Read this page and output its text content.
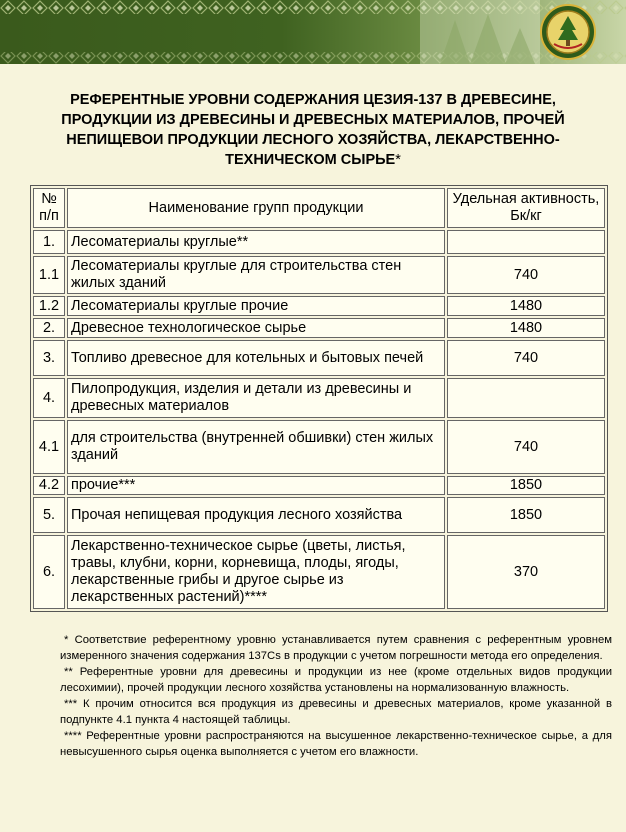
РЕФЕРЕНТНЫЕ УРОВНИ СОДЕРЖАНИЯ ЦЕЗИЯ-137 В ДРЕВЕСИНЕ, ПРОДУКЦИИ ИЗ ДРЕВЕСИНЫ И ДРЕВЕСНЫХ МАТЕРИАЛОВ, ПРОЧЕЙ НЕПИЩЕВОИ ПРОДУКЦИИ ЛЕСНОГО ХОЗЯЙСТВА, ЛЕКАРСТВЕННО-ТЕХНИЧЕСКОМ СЫРЬЕ*
№ п/п	Наименование групп продукции	Удельная активность, Бк/кг
1.	Лесоматериалы круглые**	
1.1	Лесоматериалы круглые для строительства стен жилых зданий	740
1.2	Лесоматериалы круглые прочие	1480
2.	Древесное технологическое сырье	1480
3.	Топливо древесное для котельных и бытовых печей	740
4.	Пилопродукция, изделия и детали из древесины и древесных материалов	
4.1	для строительства (внутренней обшивки) стен жилых зданий	740
4.2	прочие***	1850
5.	Прочая непищевая продукция лесного хозяйства	1850
6.	Лекарственно-техническое сырье (цветы, листья, травы, клубни, корни, корневища, плоды, ягоды, лекарственные грибы и другое сырье из лекарственных растений)****	370

* Соответствие референтному уровню устанавливается путем сравнения с референтным уровнем измеренного значения содержания 137Cs в продукции с учетом погрешности метода его определения.

** Референтные уровни для древесины и продукции из нее (кроме отдельных видов продукции лесохимии), прочей продукции лесного хозяйства установлены на нормализованную влажность.

*** К прочим относится вся продукция из древесины и древесных материалов, кроме указанной в подпункте 4.1 пункта 4 настоящей таблицы.

**** Референтные уровни распространяются на высушенное лекарственно-техническое сырье, а для невысушенного сырья оценка выполняется с учетом его влажности.
